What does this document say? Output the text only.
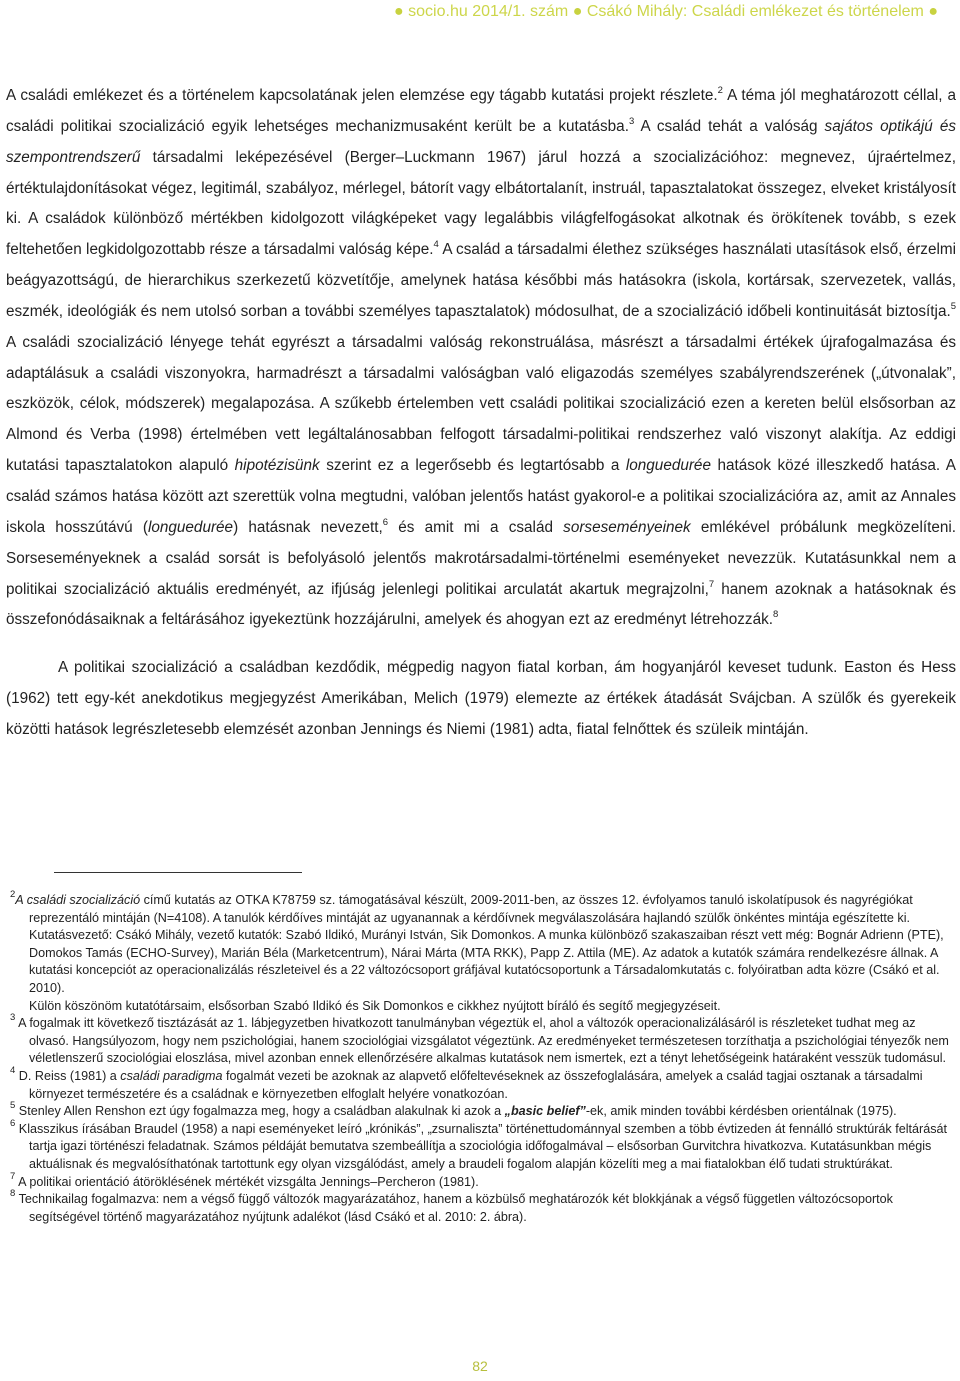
● socio.hu 2014/1. szám ● Csákó Mihály: Családi emlékezet és történelem ●

A családi emlékezet és a történelem kapcsolatának jelen elemzése egy tágabb kutatási projekt részlete.$^2$ A téma jól meghatározott céllal, a családi politikai szocializáció egyik lehetséges mechanizmusaként került be a kutatásba.$^3$ A család tehát a valóság sajátos optikájú és szempontrendszerű társadalmi leképezésével (Berger–Luckmann 1967) járul hozzá a szocializációhoz: megnevez, újraértelmez, értéktulajdonításokat végez, legitimál, szabályoz, mérlegel, bátorít vagy elbátortalanít, instruál, tapasztalatokat összegez, elveket kristályosít ki. A családok különböző mértékben kidolgozott világképeket vagy legalábbis világfelfogásokat alkotnak és örökítenek tovább, s ezek feltehetően legkidolgozottabb része a társadalmi valóság képe.$^4$ A család a társadalmi élethez szükséges használati utasítások első, érzelmi beágyazottságú, de hierarchikus szerkezetű közvetítője, amelynek hatása későbbi más hatásokra (iskola, kortársak, szervezetek, vallás, eszmék, ideológiák és nem utolsó sorban a további személyes tapasztalatok) módosulhat, de a szocializáció időbeli kontinuitását biztosítja.$^5$ A családi szocializáció lényege tehát egyrészt a társadalmi valóság rekonstruálása, másrészt a társadalmi értékek újrafogalmazása és adaptálásuk a családi viszonyokra, harmadrészt a társadalmi valóságban való eligazodás személyes szabályrendszerének („útvonalak”, eszközök, célok, módszerek) megalapozása. A szűkebb értelemben vett családi politikai szocializáció ezen a kereten belül elsősorban az Almond és Verba (1998) értelmében vett legáltalánosabban felfogott társadalmi-politikai rendszerhez való viszonyt alakítja. Az eddigi kutatási tapasztalatokon alapuló hipotézisünk szerint ez a legerősebb és legtartósabb a longuedurée hatások közé illeszkedő hatása. A család számos hatása között azt szerettük volna megtudni, valóban jelentős hatást gyakorol-e a politikai szocializációra az, amit az Annales iskola hosszútávú (longuedurée) hatásnak nevezett,$^6$ és amit mi a család sorseseményeinek emlékével próbálunk megközelíteni. Sorseseményeknek a család sorsát is befolyásoló jelentős makrotársadalmi-történelmi eseményeket nevezzük. Kutatásunkkal nem a politikai szocializáció aktuális eredményét, az ifjúság jelenlegi politikai arculatát akartuk megrajzolni,$^7$ hanem azoknak a hatásoknak és összefonódásaiknak a feltárásához igyekeztünk hozzájárulni, amelyek és ahogyan ezt az eredményt létrehozzák.$^8$

A politikai szocializáció a családban kezdődik, mégpedig nagyon fiatal korban, ám hogyanjáról keveset tudunk. Easton és Hess (1962) tett egy-két anekdotikus megjegyzést Amerikában, Melich (1979) elemezte az értékek átadását Svájcban. A szülők és gyerekeik közötti hatások legrészletesebb elemzését azonban Jennings és Niemi (1981) adta, fiatal felnőttek és szüleik mintáján.

$^2$A családi szocializáció című kutatás az OTKA K78759 sz. támogatásával készült, 2009-2011-ben, az összes 12. évfolyamos tanuló iskolatípusok és nagyrégiókat reprezentáló mintáján (N=4108). A tanulók kérdőíves mintáját az ugyanannak a kérdőívnek megválaszolására hajlandó szülők önkéntes mintája egészítette ki. Kutatásvezető: Csákó Mihály, vezető kutatók: Szabó Ildikó, Murányi István, Sik Domonkos. A munka különböző szakaszaiban részt vett még: Bognár Adrienn (PTE), Domokos Tamás (ECHO-Survey), Marián Béla (Marketcentrum), Nárai Márta (MTA RKK), Papp Z. Attila (ME). Az adatok a kutatók számára rendelkezésre állnak. A kutatási koncepciót az operacionalizálás részleteivel és a 22 változócsoport gráfjával kutatócsoportunk a Társadalomkutatás c. folyóiratban adta közre (Csákó et al. 2010).

Külön köszönöm kutatótársaim, elsősorban Szabó Ildikó és Sik Domonkos e cikkhez nyújtott bíráló és segítő megjegyzéseit.

$^3$ A fogalmak itt következő tisztázását az 1. lábjegyzetben hivatkozott tanulmányban végeztük el, ahol a változók operacionalizálásáról is részleteket tudhat meg az olvasó. Hangsúlyozom, hogy nem pszichológiai, hanem szociológiai vizsgálatot végeztünk. Az eredményeket természetesen torzíthatja a pszichológiai tényezők nem véletlenszerű szociológiai eloszlása, mivel azonban ennek ellenőrzésére alkalmas kutatások nem ismertek, ezt a tényt lehetőségeink határaként vesszük tudomásul.

$^4$ D. Reiss (1981) a családi paradigma fogalmát vezeti be azoknak az alapvető előfeltevéseknek az összefoglalására, amelyek a család tagjai osztanak a társadalmi környezet természetére és a családnak e környezetben elfoglalt helyére vonatkozóan.

$^5$ Stenley Allen Renshon ezt úgy fogalmazza meg, hogy a családban alakulnak ki azok a „basic belief”-ek, amik minden további kérdésben orientálnak (1975).

$^6$ Klasszikus írásában Braudel (1958) a napi eseményeket leíró „krónikás”, „zsurnaliszta” történettudománnyal szemben a több évtizeden át fennálló struktúrák feltárását tartja igazi történészi feladatnak. Számos példáját bemutatva szembeállítja a szociológia időfogalmával – elsősorban Gurvitchra hivatkozva. Kutatásunkban mégis aktuálisnak és megvalósíthatónak tartottunk egy olyan vizsgálódást, amely a braudeli fogalom alapján közelíti meg a mai fiatalokban élő tudati struktúrákat.

$^7$ A politikai orientáció átöröklésének mértékét vizsgálta Jennings–Percheron (1981).

$^8$ Technikailag fogalmazva: nem a végső függő változók magyarázatához, hanem a közbülső meghatározók két blokkjának a végső független változócsoportok segítségével történő magyarázatához nyújtunk adalékot (lásd Csákó et al. 2010: 2. ábra).

82
